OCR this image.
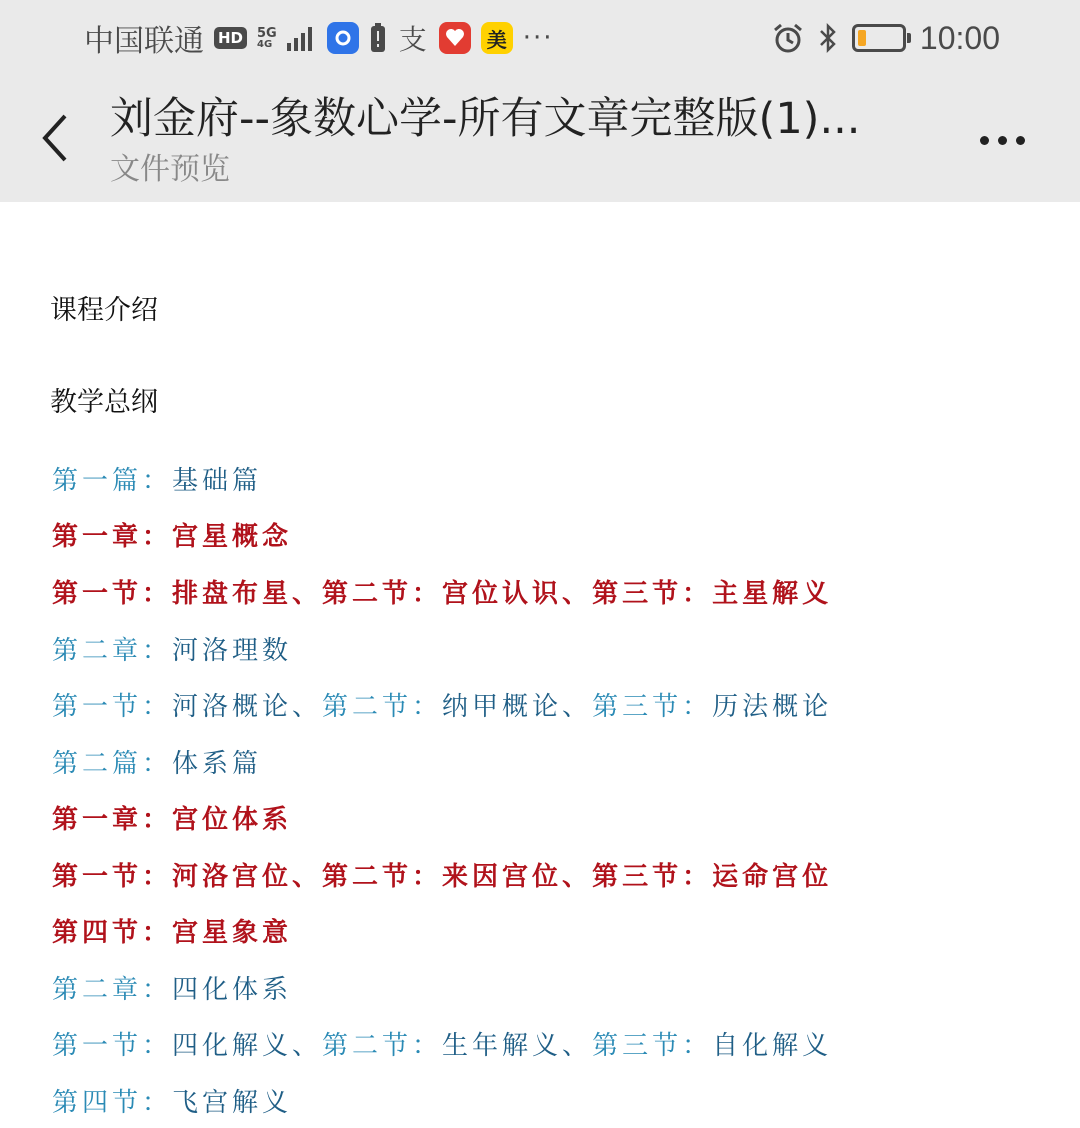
中国联通 HD	5G
4G	支	美 ···	10:00
刘金府--象数心学-所有文章完整版(1)...
文件预览
课程介绍
教学总纲
第一篇：基础篇
第一章：宫星概念
第一节：排盘布星、第二节：宫位认识、第三节：主星解义
第二章：河洛理数
第一节：河洛概论、第二节：纳甲概论、第三节：历法概论
第二篇：体系篇
第一章：宫位体系
第一节：河洛宫位、第二节：来因宫位、第三节：运命宫位
第四节：宫星象意
第二章：四化体系
第一节：四化解义、第二节：生年解义、第三节：自化解义
第四节：飞宫解义
